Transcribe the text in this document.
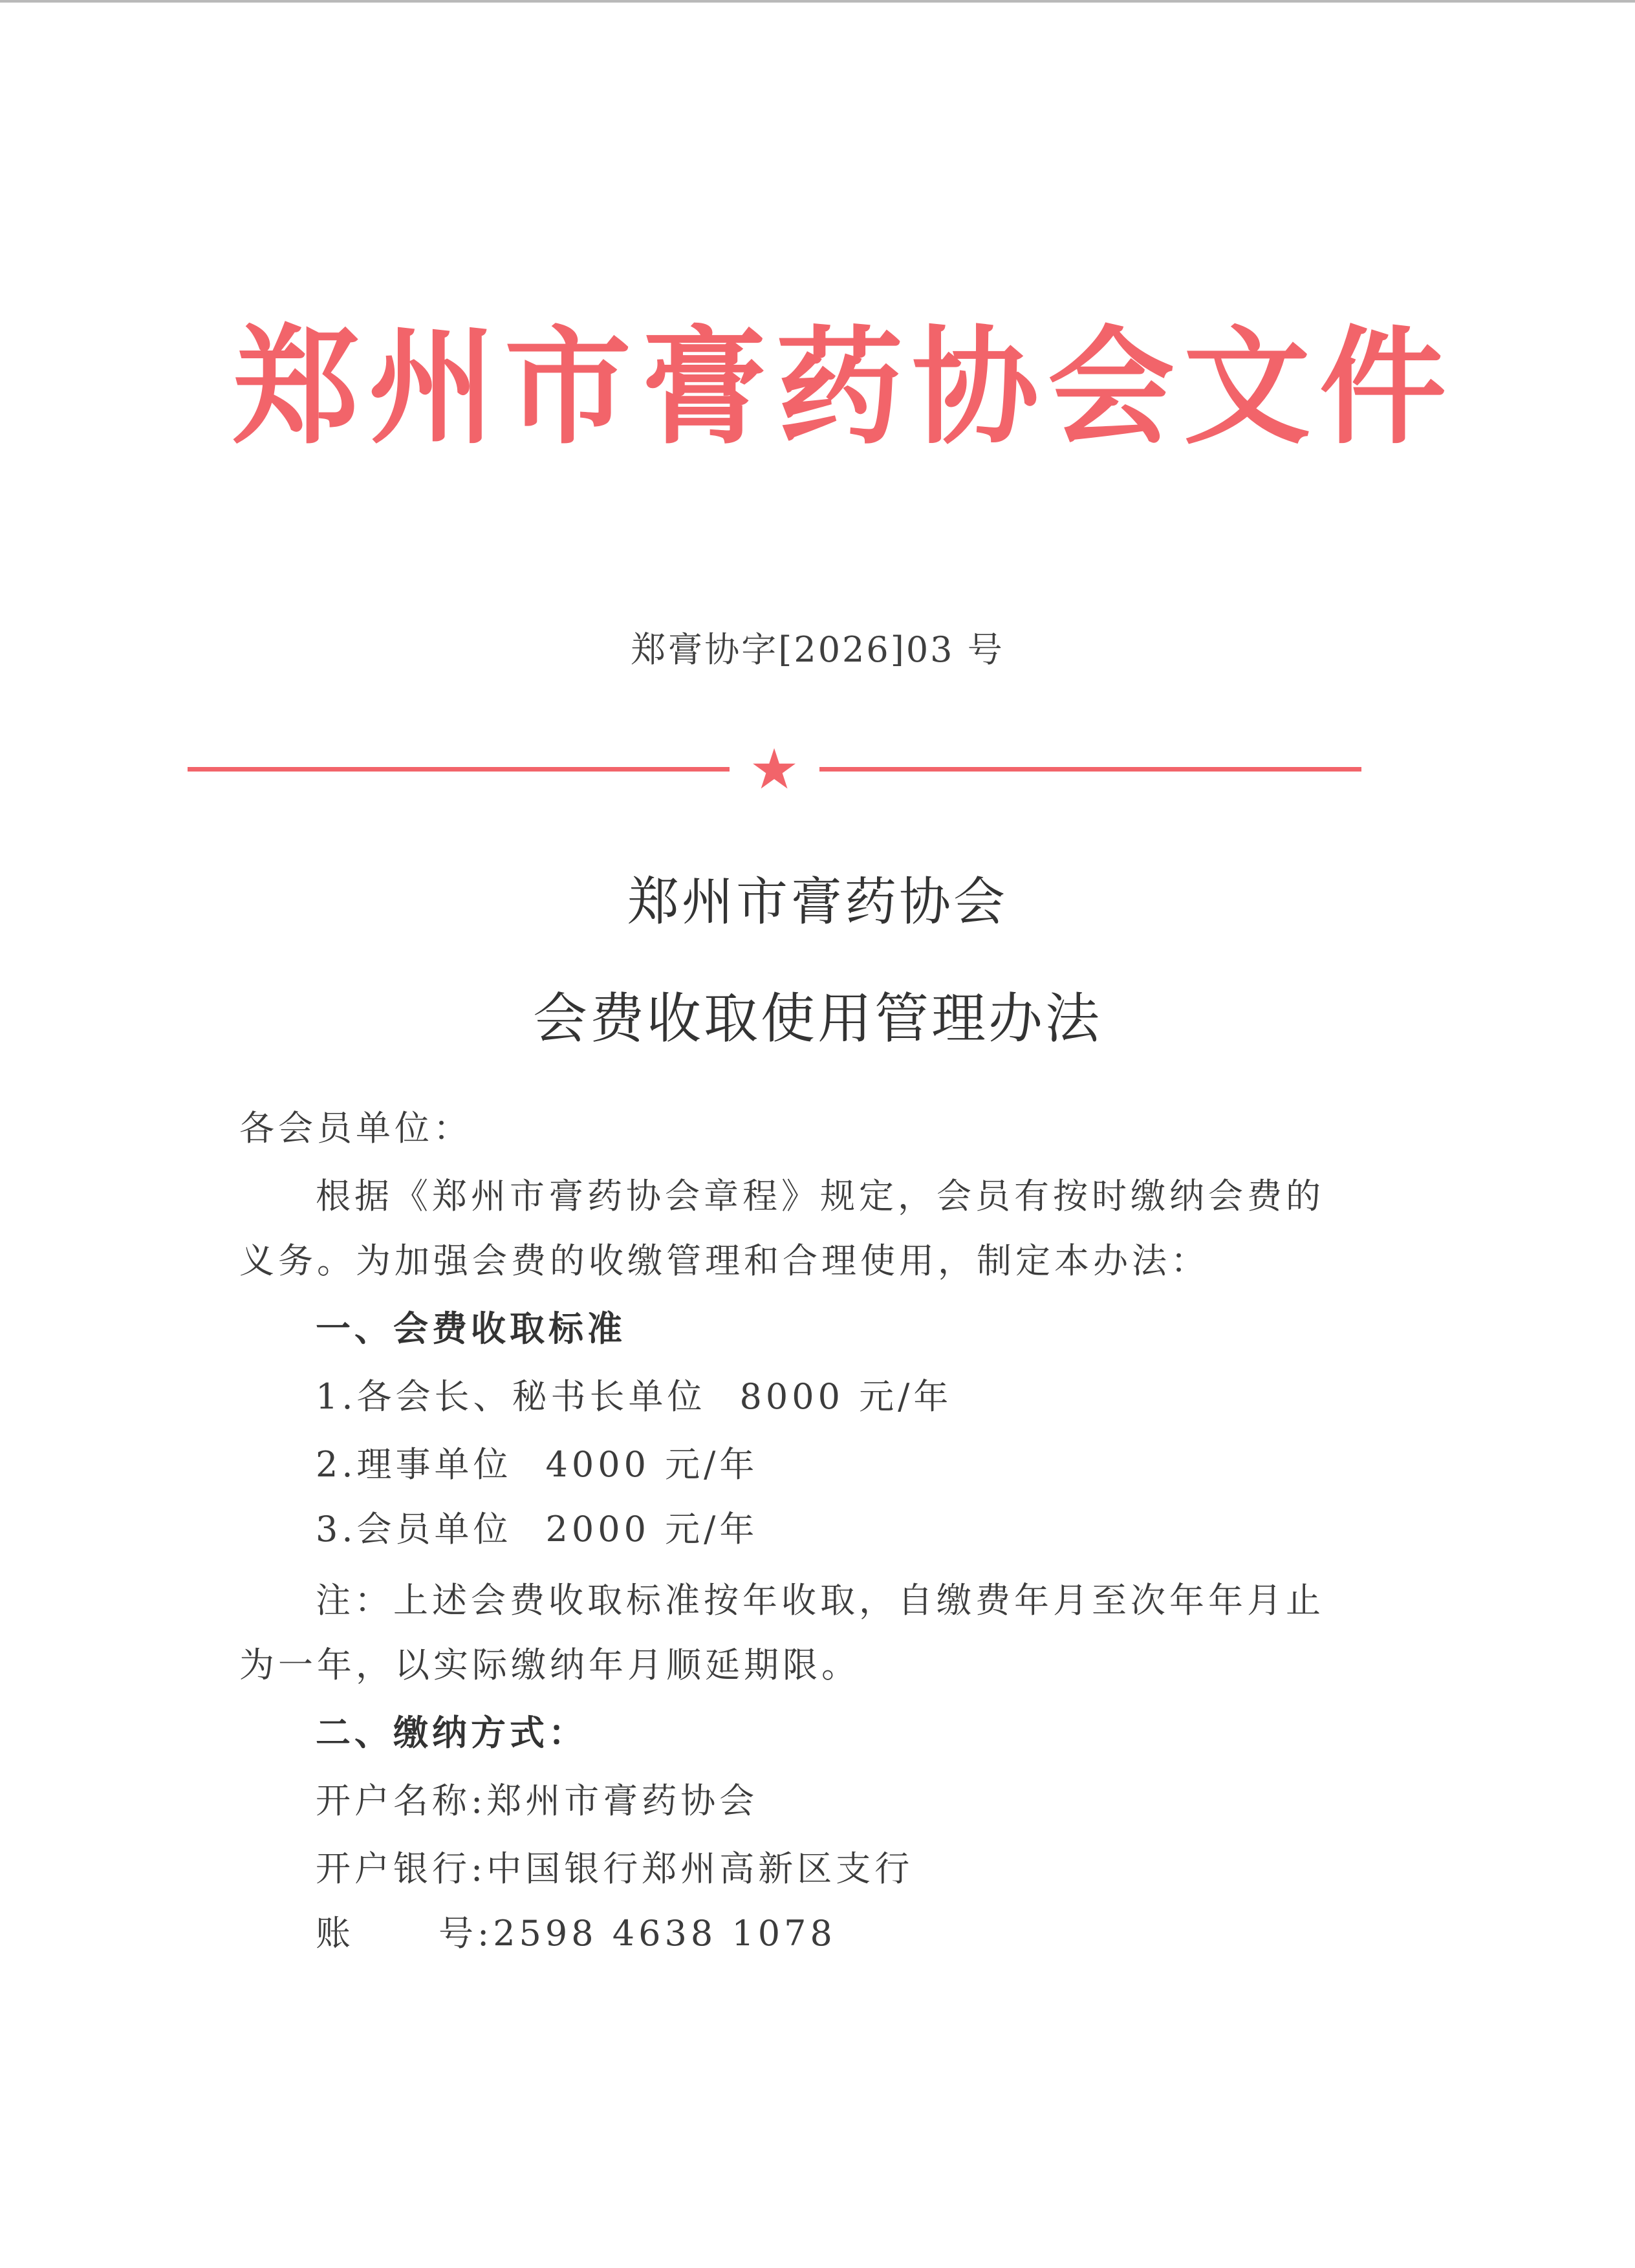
郑州市膏药协会文件
郑膏协字[2026]03 号
★
郑州市膏药协会
会费收取使用管理办法

各会员单位：

根据《郑州市膏药协会章程》规定，会员有按时缴纳会费的

义务。为加强会费的收缴管理和合理使用，制定本办法：

一、会费收取标准

1.各会长、秘书长单位 8000 元/年

2.理事单位 4000 元/年

3.会员单位 2000 元/年

注：上述会费收取标准按年收取，自缴费年月至次年年月止

为一年，以实际缴纳年月顺延期限。

二、缴纳方式：

开户名称:郑州市膏药协会

开户银行:中国银行郑州高新区支行

账 号:2598 4638 1078
